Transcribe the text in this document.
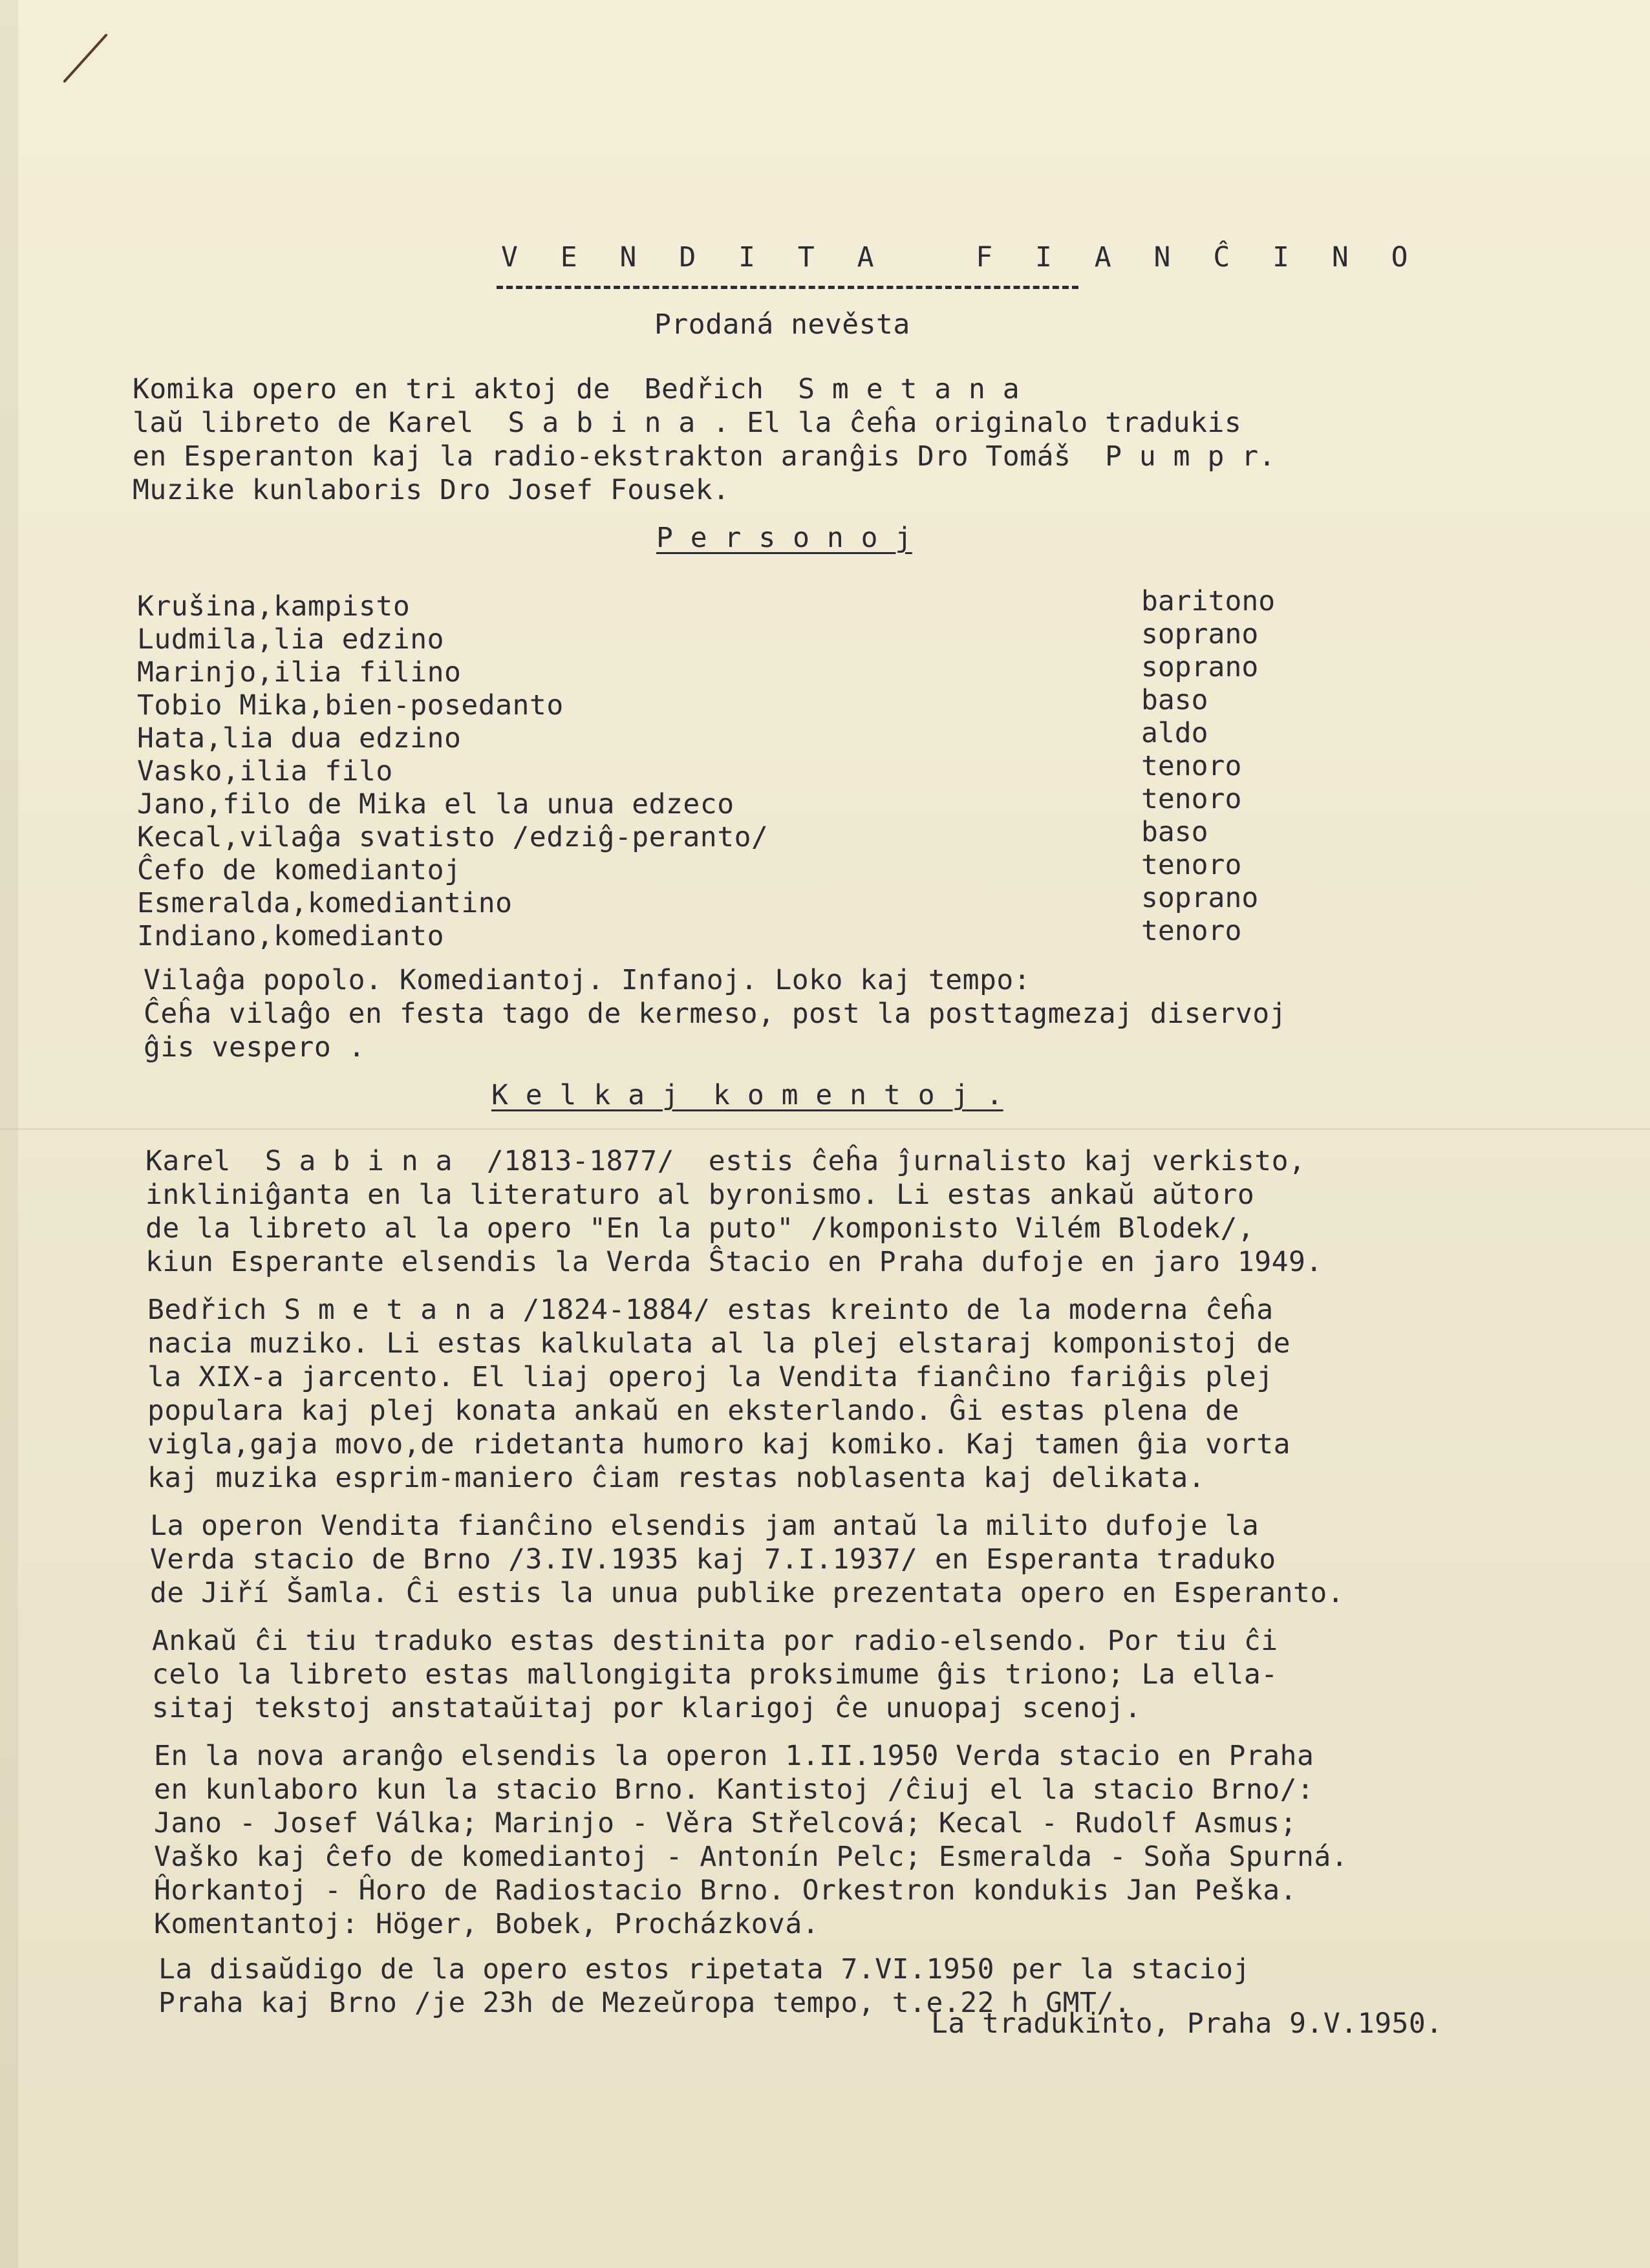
V E N D I T A   F I A N Ĉ I N O
Prodaná nevěsta
Komika opero en tri aktoj de  Bedřich  S m e t a n a
laŭ libreto de Karel  S a b i n a . El la ĉeĥa originalo tradukis
en Esperanton kaj la radio-ekstrakton aranĝis Dro Tomáš  P u m p r.
Muzike kunlaboris Dro Josef Fousek.
P e r s o n o j
Krušina,kampisto	baritono
Ludmila,lia edzino	soprano
Marinjo,ilia filino	soprano
Tobio Mika,bien-posedanto	baso
Hata,lia dua edzino	aldo
Vasko,ilia filo	tenoro
Jano,filo de Mika el la unua edzeco	tenoro
Kecal,vilaĝa svatisto /edziĝ-peranto/	baso
Ĉefo de komediantoj	tenoro
Esmeralda,komediantino	soprano
Indiano,komedianto	tenoro
Vilaĝa popolo. Komediantoj. Infanoj. Loko kaj tempo:
Ĉeĥa vilaĝo en festa tago de kermeso, post la posttagmezaj diservoj
ĝis vespero .
K e l k a j  k o m e n t o j .
Karel  S a b i n a  /1813-1877/  estis ĉeĥa ĵurnalisto kaj verkisto,
inkliniĝanta en la literaturo al byronismo. Li estas ankaŭ aŭtoro
de la libreto al la opero "En la puto" /komponisto Vilém Blodek/,
kiun Esperante elsendis la Verda Ŝtacio en Praha dufoje en jaro 1949.
Bedřich S m e t a n a /1824-1884/ estas kreinto de la moderna ĉeĥa
nacia muziko. Li estas kalkulata al la plej elstaraj komponistoj de
la XIX-a jarcento. El liaj operoj la Vendita fianĉino fariĝis plej
populara kaj plej konata ankaŭ en eksterlando. Ĝi estas plena de
vigla,gaja movo,de ridetanta humoro kaj komiko. Kaj tamen ĝia vorta
kaj muzika esprim-maniero ĉiam restas noblasenta kaj delikata.
La operon Vendita fianĉino elsendis jam antaŭ la milito dufoje la
Verda stacio de Brno /3.IV.1935 kaj 7.I.1937/ en Esperanta traduko
de Jiří Šamla. Ĉi estis la unua publike prezentata opero en Esperanto.
Ankaŭ ĉi tiu traduko estas destinita por radio-elsendo. Por tiu ĉi
celo la libreto estas mallongigita proksimume ĝis triono; La ella-
sitaj tekstoj anstataŭitaj por klarigoj ĉe unuopaj scenoj.
En la nova aranĝo elsendis la operon 1.II.1950 Verda stacio en Praha
en kunlaboro kun la stacio Brno. Kantistoj /ĉiuj el la stacio Brno/:
Jano - Josef Válka; Marinjo - Věra Střelcová; Kecal - Rudolf Asmus;
Vaško kaj ĉefo de komediantoj - Antonín Pelc; Esmeralda - Soňa Spurná.
Ĥorkantoj - Ĥoro de Radiostacio Brno. Orkestron kondukis Jan Peška.
Komentantoj: Höger, Bobek, Procházková.
La disaŭdigo de la opero estos ripetata 7.VI.1950 per la stacioj
Praha kaj Brno /je 23h de Mezeŭropa tempo, t.e.22 h GMT/.
La tradukinto, Praha 9.V.1950.
